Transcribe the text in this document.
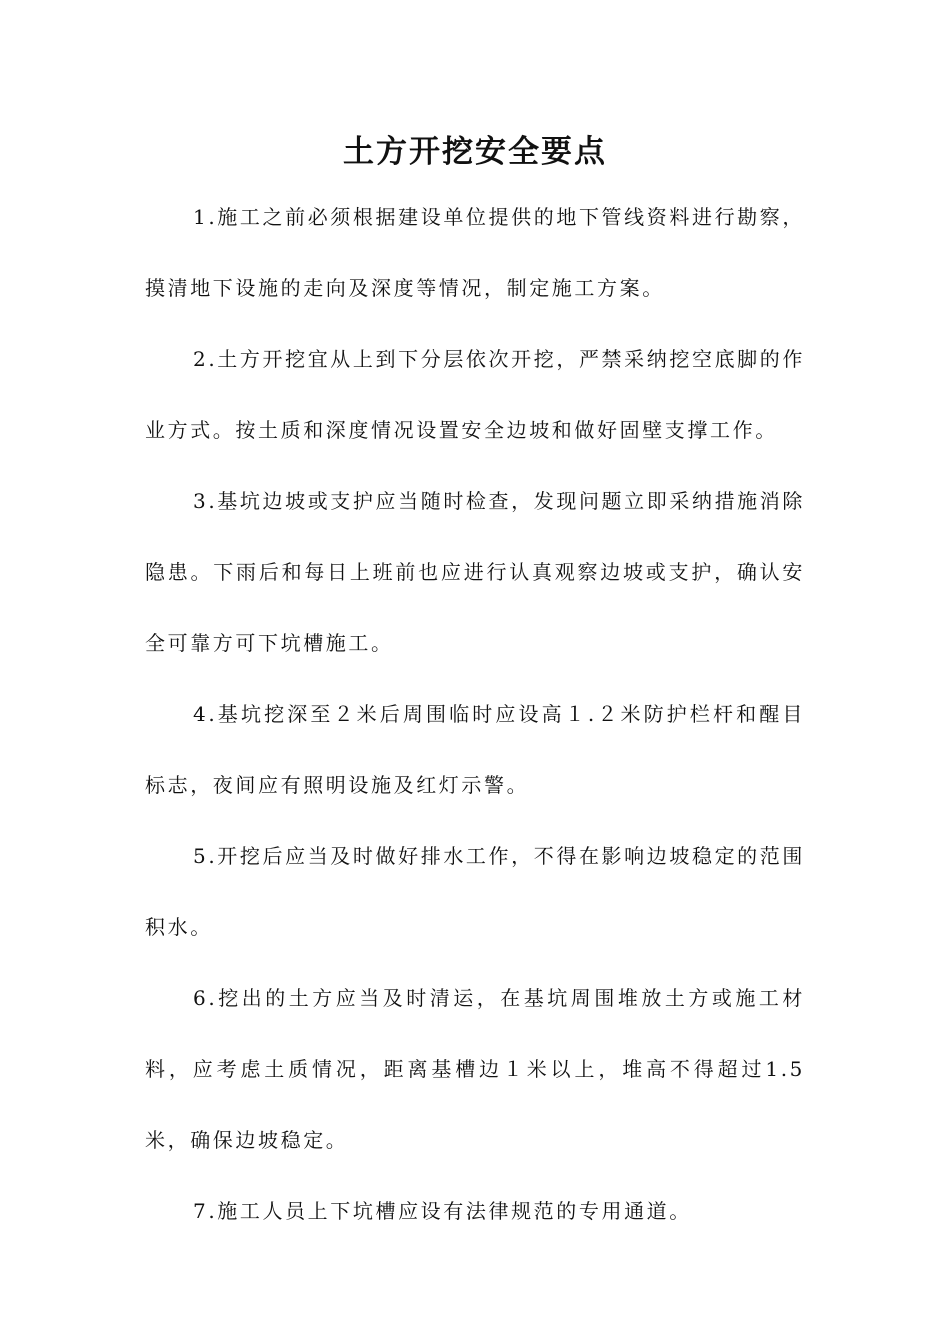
土方开挖安全要点

1.施工之前必须根据建设单位提供的地下管线资料进行勘察，摸清地下设施的走向及深度等情况，制定施工方案。

2.土方开挖宜从上到下分层依次开挖，严禁采纳挖空底脚的作业方式。按土质和深度情况设置安全边坡和做好固壁支撑工作。

3.基坑边坡或支护应当随时检查，发现问题立即采纳措施消除隐患。下雨后和每日上班前也应进行认真观察边坡或支护，确认安全可靠方可下坑槽施工。

4.基坑挖深至２米后周围临时应设高１.２米防护栏杆和醒目标志，夜间应有照明设施及红灯示警。

5.开挖后应当及时做好排水工作，不得在影响边坡稳定的范围积水。

6.挖出的土方应当及时清运，在基坑周围堆放土方或施工材料，应考虑土质情况，距离基槽边１米以上，堆高不得超过1.5米，确保边坡稳定。

7.施工人员上下坑槽应设有法律规范的专用通道。
